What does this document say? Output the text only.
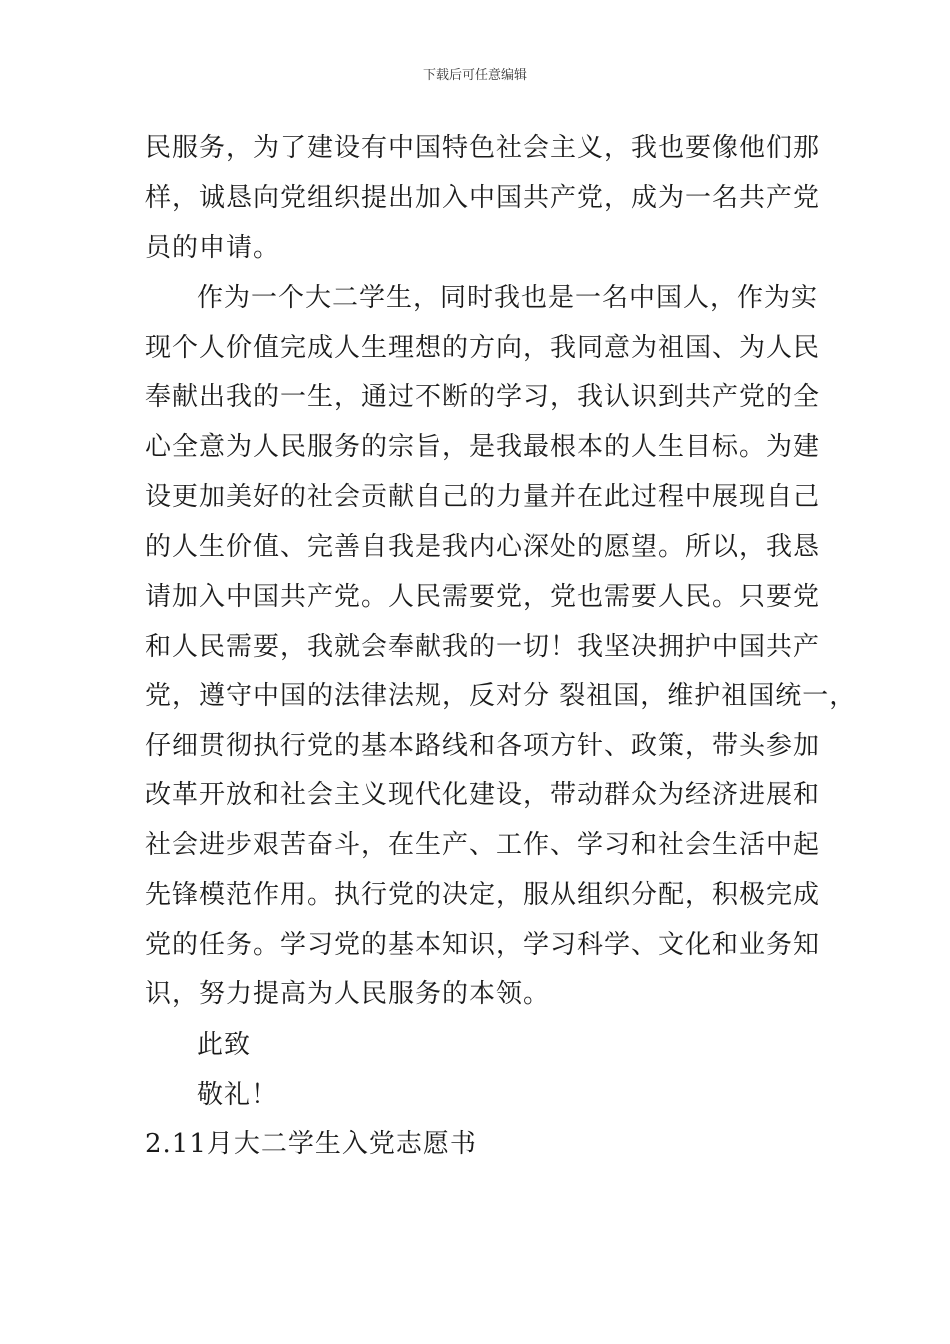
下载后可任意编辑
民服务，为了建设有中国特色社会主义，我也要像他们那
样，诚恳向党组织提出加入中国共产党，成为一名共产党
员的申请。
作为一个大二学生，同时我也是一名中国人，作为实
现个人价值完成人生理想的方向，我同意为祖国、为人民
奉献出我的一生，通过不断的学习，我认识到共产党的全
心全意为人民服务的宗旨，是我最根本的人生目标。为建
设更加美好的社会贡献自己的力量并在此过程中展现自己
的人生价值、完善自我是我内心深处的愿望。所以，我恳
请加入中国共产党。人民需要党，党也需要人民。只要党
和人民需要，我就会奉献我的一切！我坚决拥护中国共产
党，遵守中国的法律法规，反对分 裂祖国，维护祖国统一，
仔细贯彻执行党的基本路线和各项方针、政策，带头参加
改革开放和社会主义现代化建设，带动群众为经济进展和
社会进步艰苦奋斗，在生产、工作、学习和社会生活中起
先锋模范作用。执行党的决定，服从组织分配，积极完成
党的任务。学习党的基本知识，学习科学、文化和业务知
识，努力提高为人民服务的本领。
此致
敬礼！
2.11月大二学生入党志愿书
